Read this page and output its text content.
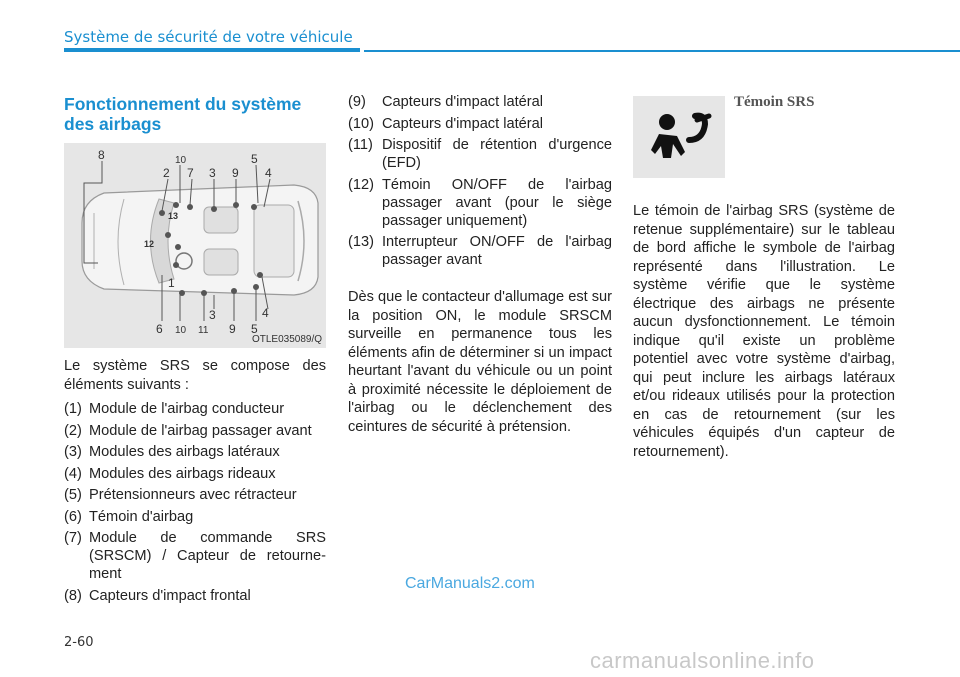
Système de sécurité de votre véhicule
Fonctionnement du système des airbags
8	10
2 7 3 9
5
4
13
12
1
4
6 10 11
3
9 5
OTLE035089/Q

Le système SRS se compose des éléments suivants :

(1) Module de l'airbag conducteur
(2) Module de l'airbag passager avant
(3) Modules des airbags latéraux
(4) Modules des airbags rideaux
(5) Prétensionneurs avec rétracteur
(6) Témoin d'airbag
(7) Module de commande SRS (SRSCM) / Capteur de retourne-ment
(8) Capteurs d'impact frontal
(9) Capteurs d'impact latéral
(10) Capteurs d'impact latéral
(11) Dispositif de rétention d'urgence (EFD)
(12) Témoin ON/OFF de l'airbag passager avant (pour le siège passager uniquement)
(13) Interrupteur ON/OFF de l'airbag passager avant

Dès que le contacteur d'allumage est sur la position ON, le module SRSCM surveille en permanence tous les éléments afin de déterminer si un impact heurtant l'avant du véhicule ou un point à proximité nécessite le déploiement de l'airbag ou le déclenchement des ceintures de sécurité à prétension.

Témoin SRS

Le témoin de l'airbag SRS (système de retenue supplémentaire) sur le tableau de bord affiche le symbole de l'airbag représenté dans l'illustration. Le système vérifie que le système électrique des airbags ne présente aucun dysfonctionnement. Le témoin indique qu'il existe un problème potentiel avec votre système d'airbag, qui peut inclure les airbags latéraux et/ou rideaux utilisés pour la protection en cas de retournement (sur les véhicules équipés d'un capteur de retournement).

CarManuals2.com
2-60
carmanualsonline.info
